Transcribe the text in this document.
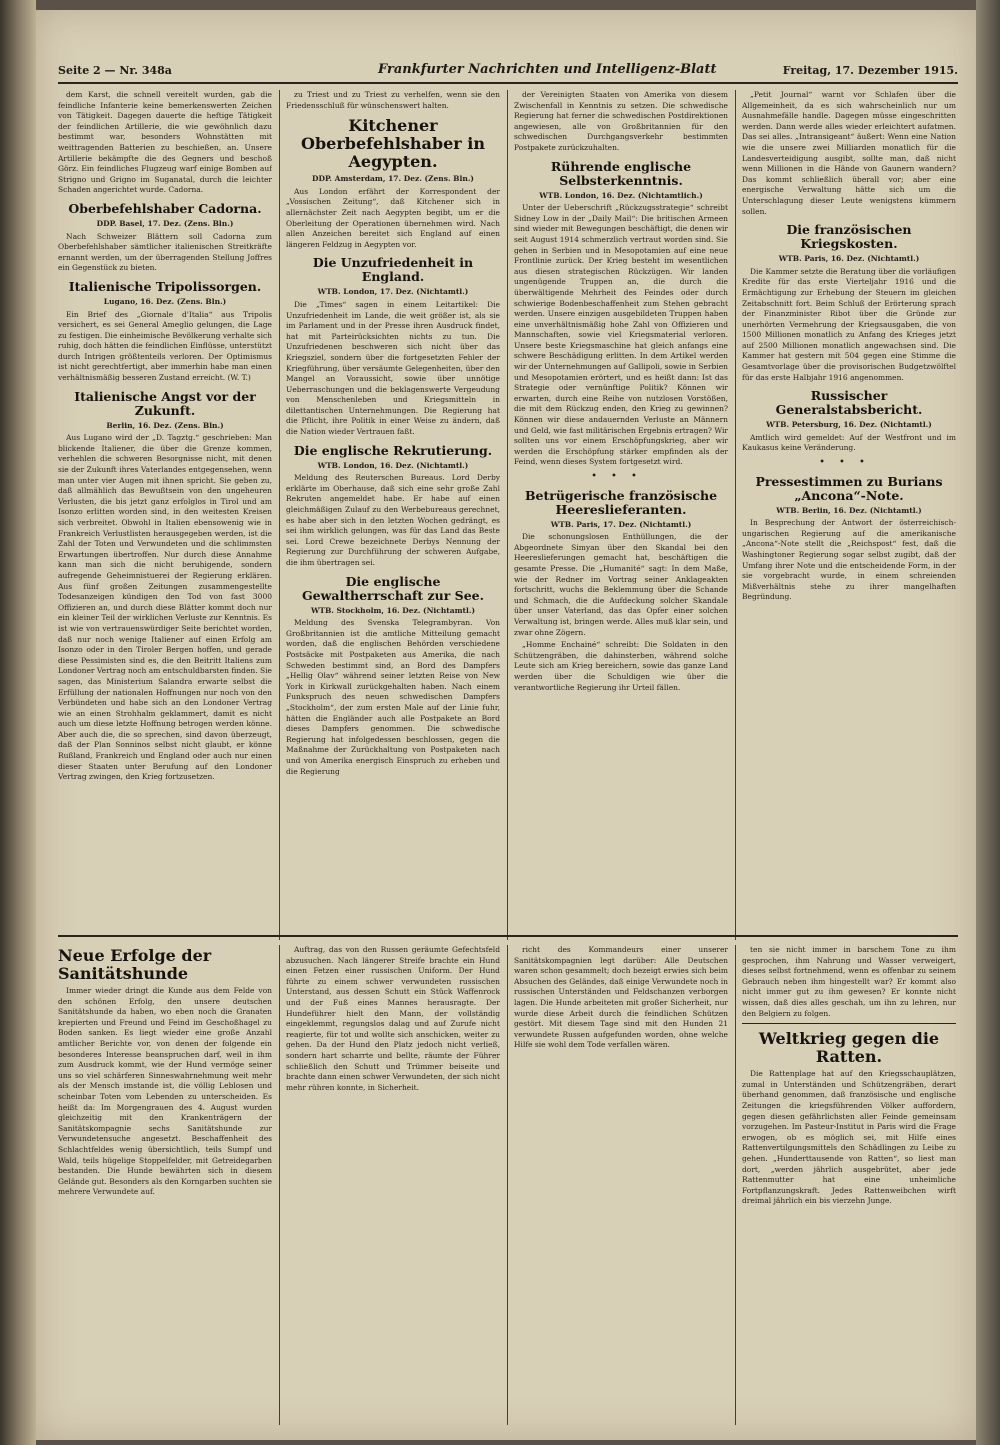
Seite 2 — Nr. 348a	Frankfurter Nachrichten und Intelligenz-Blatt	Freitag, 17. Dezember 1915.

dem Karst, die schnell vereitelt wurden, gab die feindliche Infanterie keine bemerkenswerten Zeichen von Tätigkeit. Dagegen dauerte die heftige Tätigkeit der feindlichen Artillerie, die wie gewöhnlich dazu bestimmt war, besonders Wohnstätten mit weittragenden Batterien zu beschießen, an. Unsere Artillerie bekämpfte die des Gegners und beschoß Görz. Ein feindliches Flugzeug warf einige Bomben auf Strigno und Grigno im Suganatal, durch die leichter Schaden angerichtet wurde. Cadorna.

Oberbefehlshaber Cadorna.
DDP. Basel, 17. Dez. (Zens. Bln.)

Nach Schweizer Blättern soll Cadorna zum Oberbefehlshaber sämtlicher italienischen Streitkräfte ernannt werden, um der überragenden Stellung Joffres ein Gegenstück zu bieten.

Italienische Tripolissorgen.
Lugano, 16. Dez. (Zens. Bln.)

Ein Brief des „Giornale d'Italia“ aus Tripolis versichert, es sei General Ameglio gelungen, die Lage zu festigen. Die einheimische Bevölkerung verhalte sich ruhig, doch hätten die feindlichen Einflüsse, unterstützt durch Intrigen größtenteils verloren. Der Optimismus ist nicht gerechtfertigt, aber immerhin habe man einen verhältnismäßig besseren Zustand erreicht. (W. T.)

Italienische Angst vor der Zukunft.
Berlin, 16. Dez. (Zens. Bln.)

Aus Lugano wird der „D. Tagztg.“ geschrieben: Man blickende Italiener, die über die Grenze kommen, verhehlen die schweren Besorgnisse nicht, mit denen sie der Zukunft ihres Vaterlandes entgegensehen, wenn man unter vier Augen mit ihnen spricht. Sie geben zu, daß allmählich das Bewußtsein von den ungeheuren Verlusten, die bis jetzt ganz erfolglos in Tirol und am Isonzo erlitten worden sind, in den weitesten Kreisen sich verbreitet. Obwohl in Italien ebensowenig wie in Frankreich Verlustlisten herausgegeben werden, ist die Zahl der Toten und Verwundeten und die schlimmsten Erwartungen übertroffen. Nur durch diese Annahme kann man sich die nicht beruhigende, sondern aufregende Geheimnistuerei der Regierung erklären. Aus fünf großen Zeitungen zusammengestellte Todesanzeigen kündigen den Tod von fast 3000 Offizieren an, und durch diese Blätter kommt doch nur ein kleiner Teil der wirklichen Verluste zur Kenntnis. Es ist wie von vertrauenswürdiger Seite berichtet worden, daß nur noch wenige Italiener auf einen Erfolg am Isonzo oder in den Tiroler Bergen hoffen, und gerade diese Pessimisten sind es, die den Beitritt Italiens zum Londoner Vertrag noch am entschuldbarsten finden. Sie sagen, das Ministerium Salandra erwarte selbst die Erfüllung der nationalen Hoffnungen nur noch von den Verbündeten und habe sich an den Londoner Vertrag wie an einen Strohhalm geklammert, damit es nicht auch um diese letzte Hoffnung betrogen werden könne. Aber auch die, die so sprechen, sind davon überzeugt, daß der Plan Sonninos selbst nicht glaubt, er könne Rußland, Frankreich und England oder auch nur einen dieser Staaten unter Berufung auf den Londoner Vertrag zwingen, den Krieg fortzusetzen.

zu Triest und zu Triest zu verhelfen, wenn sie den Friedensschluß für wünschenswert halten.

Kitchener Oberbefehlshaber in Aegypten.
DDP. Amsterdam, 17. Dez. (Zens. Bln.)

Aus London erfährt der Korrespondent der „Vossischen Zeitung“, daß Kitchener sich in allernächster Zeit nach Aegypten begibt, um er die Oberleitung der Operationen übernehmen wird. Nach allen Anzeichen bereitet sich England auf einen längeren Feldzug in Aegypten vor.

Die Unzufriedenheit in England.
WTB. London, 17. Dez. (Nichtamtl.)

Die „Times“ sagen in einem Leitartikel: Die Unzufriedenheit im Lande, die weit größer ist, als sie im Parlament und in der Presse ihren Ausdruck findet, hat mit Parteirücksichten nichts zu tun. Die Unzufriedenen beschweren sich nicht über das Kriegsziel, sondern über die fortgesetzten Fehler der Kriegführung, über versäumte Gelegenheiten, über den Mangel an Voraussicht, sowie über unnötige Ueberraschungen und die beklagenswerte Vergeudung von Menschenleben und Kriegsmitteln in dilettantischen Unternehmungen. Die Regierung hat die Pflicht, ihre Politik in einer Weise zu ändern, daß die Nation wieder Vertrauen faßt.

Die englische Rekrutierung.
WTB. London, 16. Dez. (Nichtamtl.)

Meldung des Reuterschen Bureaus. Lord Derby erklärte im Oberhause, daß sich eine sehr große Zahl Rekruten angemeldet habe. Er habe auf einen gleichmäßigen Zulauf zu den Werbebureaus gerechnet, es habe aber sich in den letzten Wochen gedrängt, es sei ihm wirklich gelungen, was für das Land das Beste sei. Lord Crewe bezeichnete Derbys Nennung der Regierung zur Durchführung der schweren Aufgabe, die ihm übertragen sei.

Die englische Gewaltherrschaft zur See.
WTB. Stockholm, 16. Dez. (Nichtamtl.)

Meldung des Svenska Telegrambyran. Von Großbritannien ist die amtliche Mitteilung gemacht worden, daß die englischen Behörden verschiedene Postsäcke mit Postpaketen aus Amerika, die nach Schweden bestimmt sind, an Bord des Dampfers „Hellig Olav“ während seiner letzten Reise von New York in Kirkwall zurückgehalten haben. Nach einem Funkspruch des neuen schwedischen Dampfers „Stockholm“, der zum ersten Male auf der Linie fuhr, hätten die Engländer auch alle Postpakete an Bord dieses Dampfers genommen. Die schwedische Regierung hat infolgedessen beschlossen, gegen die Maßnahme der Zurückhaltung von Postpaketen nach und von Amerika energisch Einspruch zu erheben und die Regierung

der Vereinigten Staaten von Amerika von diesem Zwischenfall in Kenntnis zu setzen. Die schwedische Regierung hat ferner die schwedischen Postdirektionen angewiesen, alle von Großbritannien für den schwedischen Durchgangsverkehr bestimmten Postpakete zurückzuhalten.

Rührende englische Selbsterkenntnis.
WTB. London, 16. Dez. (Nichtamtlich.)

Unter der Ueberschrift „Rückzugsstrategie“ schreibt Sidney Low in der „Daily Mail“: Die britischen Armeen sind wieder mit Bewegungen beschäftigt, die denen wir seit August 1914 schmerzlich vertraut worden sind. Sie gehen in Serbien und in Mesopotamien auf eine neue Frontlinie zurück. Der Krieg besteht im wesentlichen aus diesen strategischen Rückzügen. Wir landen ungenügende Truppen an, die durch die überwältigende Mehrheit des Feindes oder durch schwierige Bodenbeschaffenheit zum Stehen gebracht werden. Unsere einzigen ausgebildeten Truppen haben eine unverhältnismäßig hohe Zahl von Offizieren und Mannschaften, sowie viel Kriegsmaterial verloren. Unsere beste Kriegsmaschine hat gleich anfangs eine schwere Beschädigung erlitten. In dem Artikel werden wir der Unternehmungen auf Gallipoli, sowie in Serbien und Mesopotamien erörtert, und es heißt dann: Ist das Strategie oder vernünftige Politik? Können wir erwarten, durch eine Reihe von nutzlosen Vorstößen, die mit dem Rückzug enden, den Krieg zu gewinnen? Können wir diese andauernden Verluste an Männern und Geld, wie fast militärischen Ergebnis ertragen? Wir sollten uns vor einem Erschöpfungskrieg, aber wir werden die Erschöpfung stärker empfinden als der Feind, wenn dieses System fortgesetzt wird.

•••
Betrügerische französische Heereslieferanten.
WTB. Paris, 17. Dez. (Nichtamtl.)

Die schonungslosen Enthüllungen, die der Abgeordnete Simyan über den Skandal bei den Heereslieferungen gemacht hat, beschäftigen die gesamte Presse. Die „Humanité“ sagt: In dem Maße, wie der Redner im Vortrag seiner Anklageakten fortschritt, wuchs die Beklemmung über die Schande und Schmach, die die Aufdeckung solcher Skandale über unser Vaterland, das das Opfer einer solchen Verwaltung ist, bringen werde. Alles muß klar sein, und zwar ohne Zögern.

„Homme Enchainé“ schreibt: Die Soldaten in den Schützengräben, die dahinsterben, während solche Leute sich am Krieg bereichern, sowie das ganze Land werden über die Schuldigen wie über die verantwortliche Regierung ihr Urteil fällen.

„Petit Journal“ warnt vor Schlafen über die Allgemeinheit, da es sich wahrscheinlich nur um Ausnahmefälle handle. Dagegen müsse eingeschritten werden. Dann werde alles wieder erleichtert aufatmen. Das sei alles. „Intransigeant“ äußert: Wenn eine Nation wie die unsere zwei Milliarden monatlich für die Landesverteidigung ausgibt, sollte man, daß nicht wenn Millionen in die Hände von Gaunern wandern? Das kommt schließlich überall vor; aber eine energische Verwaltung hätte sich um die Unterschlagung dieser Leute wenigstens kümmern sollen.

Die französischen Kriegskosten.
WTB. Paris, 16. Dez. (Nichtamtl.)

Die Kammer setzte die Beratung über die vorläufigen Kredite für das erste Vierteljahr 1916 und die Ermächtigung zur Erhebung der Steuern im gleichen Zeitabschnitt fort. Beim Schluß der Erörterung sprach der Finanzminister Ribot über die Gründe zur unerhörten Vermehrung der Kriegsausgaben, die von 1500 Millionen monatlich zu Anfang des Krieges jetzt auf 2500 Millionen monatlich angewachsen sind. Die Kammer hat gestern mit 504 gegen eine Stimme die Gesamtvorlage über die provisorischen Budgetzwölftel für das erste Halbjahr 1916 angenommen.

Russischer Generalstabsbericht.
WTB. Petersburg, 16. Dez. (Nichtamtl.)

Amtlich wird gemeldet: Auf der Westfront und im Kaukasus keine Veränderung.

•••
Pressestimmen zu Burians „Ancona“-Note.
WTB. Berlin, 16. Dez. (Nichtamtl.)

In Besprechung der Antwort der österreichisch-ungarischen Regierung auf die amerikanische „Ancona“-Note stellt die „Reichspost“ fest, daß die Washingtoner Regierung sogar selbst zugibt, daß der Umfang ihrer Note und die entscheidende Form, in der sie vorgebracht wurde, in einem schreienden Mißverhältnis stehe zu ihrer mangelhaften Begründung.

Neue Erfolge der Sanitätshunde

Immer wieder dringt die Kunde aus dem Felde von den schönen Erfolg, den unsere deutschen Sanitätshunde da haben, wo eben noch die Granaten krepierten und Freund und Feind im Geschoßhagel zu Boden sanken. Es liegt wieder eine große Anzahl amtlicher Berichte vor, von denen der folgende ein besonderes Interesse beanspruchen darf, weil in ihm zum Ausdruck kommt, wie der Hund vermöge seiner uns so viel schärferen Sinneswahrnehmung weit mehr als der Mensch imstande ist, die völlig Leblosen und scheinbar Toten vom Lebenden zu unterscheiden. Es heißt da: Im Morgengrauen des 4. August wurden gleichzeitig mit den Krankenträgern der Sanitätskompagnie sechs Sanitätshunde zur Verwundetensuche angesetzt. Beschaffenheit des Schlachtfeldes wenig übersichtlich, teils Sumpf und Wald, teils hügelige Stoppelfelder, mit Getreidegarben bestanden. Die Hunde bewährten sich in diesem Gelände gut. Besonders als den Korngarben suchten sie mehrere Verwundete auf.

Auftrag, das von den Russen geräumte Gefechtsfeld abzusuchen. Nach längerer Streife brachte ein Hund einen Fetzen einer russischen Uniform. Der Hund führte zu einem schwer verwundeten russischen Unterstand, aus dessen Schutt ein Stück Waffenrock und der Fuß eines Mannes herausragte. Der Hundeführer hielt den Mann, der vollständig eingeklemmt, regungslos dalag und auf Zurufe nicht reagierte, für tot und wollte sich anschicken, weiter zu gehen. Da der Hund den Platz jedoch nicht verließ, sondern hart scharrte und bellte, räumte der Führer schließlich den Schutt und Trümmer beiseite und brachte dann einen schwer Verwundeten, der sich nicht mehr rühren konnte, in Sicherheit.

richt des Kommandeurs einer unserer Sanitätskompagnien legt darüber: Alle Deutschen waren schon gesammelt; doch bezeigt erwies sich beim Absuchen des Geländes, daß einige Verwundete noch in russischen Unterständen und Feldschanzen verborgen lagen. Die Hunde arbeiteten mit großer Sicherheit, nur wurde diese Arbeit durch die feindlichen Schützen gestört. Mit diesem Tage sind mit den Hunden 21 verwundete Russen aufgefunden worden, ohne welche Hilfe sie wohl dem Tode verfallen wären.

ten sie nicht immer in barschem Tone zu ihm gesprochen, ihm Nahrung und Wasser verweigert, dieses selbst fortnehmend, wenn es offenbar zu seinem Gebrauch neben ihm hingestellt war? Er kommt also nicht immer gut zu ihm gewesen? Er konnte nicht wissen, daß dies alles geschah, um ihn zu lehren, nur den Belgiern zu folgen.

Weltkrieg gegen die Ratten.

Die Rattenplage hat auf den Kriegsschauplätzen, zumal in Unterständen und Schützengräben, derart überhand genommen, daß französische und englische Zeitungen die kriegsführenden Völker auffordern, gegen diesen gefährlichsten aller Feinde gemeinsam vorzugehen. Im Pasteur-Institut in Paris wird die Frage erwogen, ob es möglich sei, mit Hilfe eines Rattenvertilgungsmittels den Schädlingen zu Leibe zu gehen. „Hunderttausende von Ratten“, so liest man dort, „werden jährlich ausgebrütet, aber jede Rattenmutter hat eine unheimliche Fortpflanzungskraft. Jedes Rattenweibchen wirft dreimal jährlich ein bis vierzehn Junge.
